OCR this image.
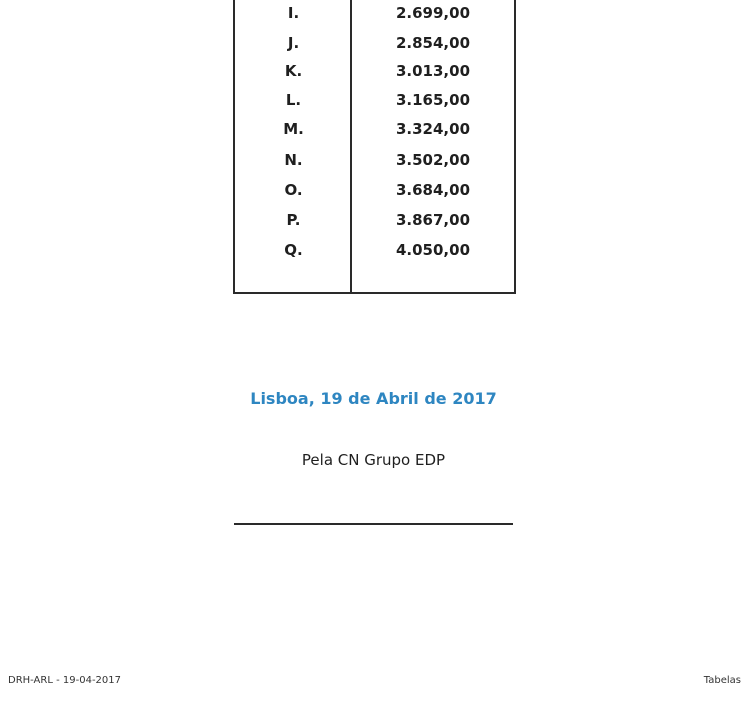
I.	2.699,00
J.	2.854,00
K.	3.013,00
L.	3.165,00
M.	3.324,00
N.	3.502,00
O.	3.684,00
P.	3.867,00
Q.	4.050,00
Lisboa, 19 de Abril de 2017
Pela CN Grupo EDP
DRH-ARL - 19-04-2017	Tabelas
